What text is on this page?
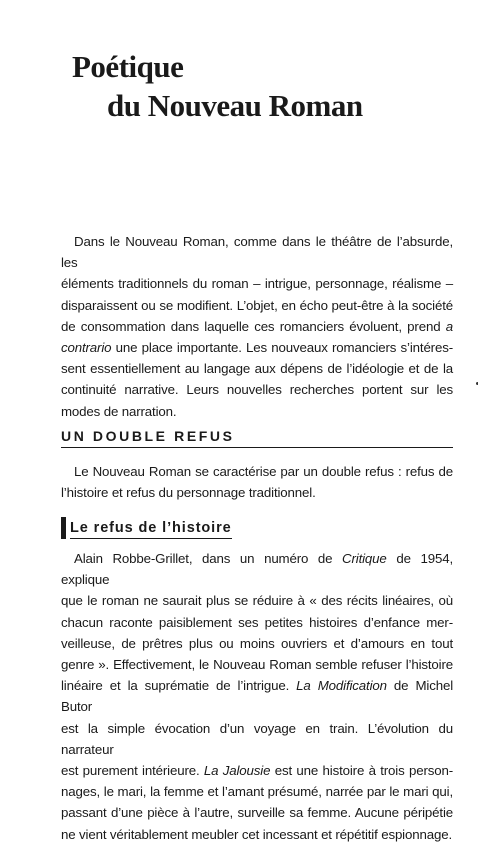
Poétique
du Nouveau Roman
Dans le Nouveau Roman, comme dans le théâtre de l’absurde, les
éléments traditionnels du roman – intrigue, personnage, réalisme –
disparaissent ou se modifient. L’objet, en écho peut-être à la société
de consommation dans laquelle ces romanciers évoluent, prend a
contrario une place importante. Les nouveaux romanciers s’intéres-
sent essentiellement au langage aux dépens de l’idéologie et de la
continuité narrative. Leurs nouvelles recherches portent sur les
modes de narration.
UN DOUBLE REFUS
Le Nouveau Roman se caractérise par un double refus : refus de
l’histoire et refus du personnage traditionnel.
Le refus de l’histoire
Alain Robbe-Grillet, dans un numéro de Critique de 1954, explique
que le roman ne saurait plus se réduire à « des récits linéaires, où
chacun raconte paisiblement ses petites histoires d’enfance mer-
veilleuse, de prêtres plus ou moins ouvriers et d’amours en tout
genre ». Effectivement, le Nouveau Roman semble refuser l’histoire
linéaire et la suprématie de l’intrigue. La Modification de Michel Butor
est la simple évocation d’un voyage en train. L’évolution du narrateur
est purement intérieure. La Jalousie est une histoire à trois person-
nages, le mari, la femme et l’amant présumé, narrée par le mari qui,
passant d’une pièce à l’autre, surveille sa femme. Aucune péripétie
ne vient véritablement meubler cet incessant et répétitif espionnage.
